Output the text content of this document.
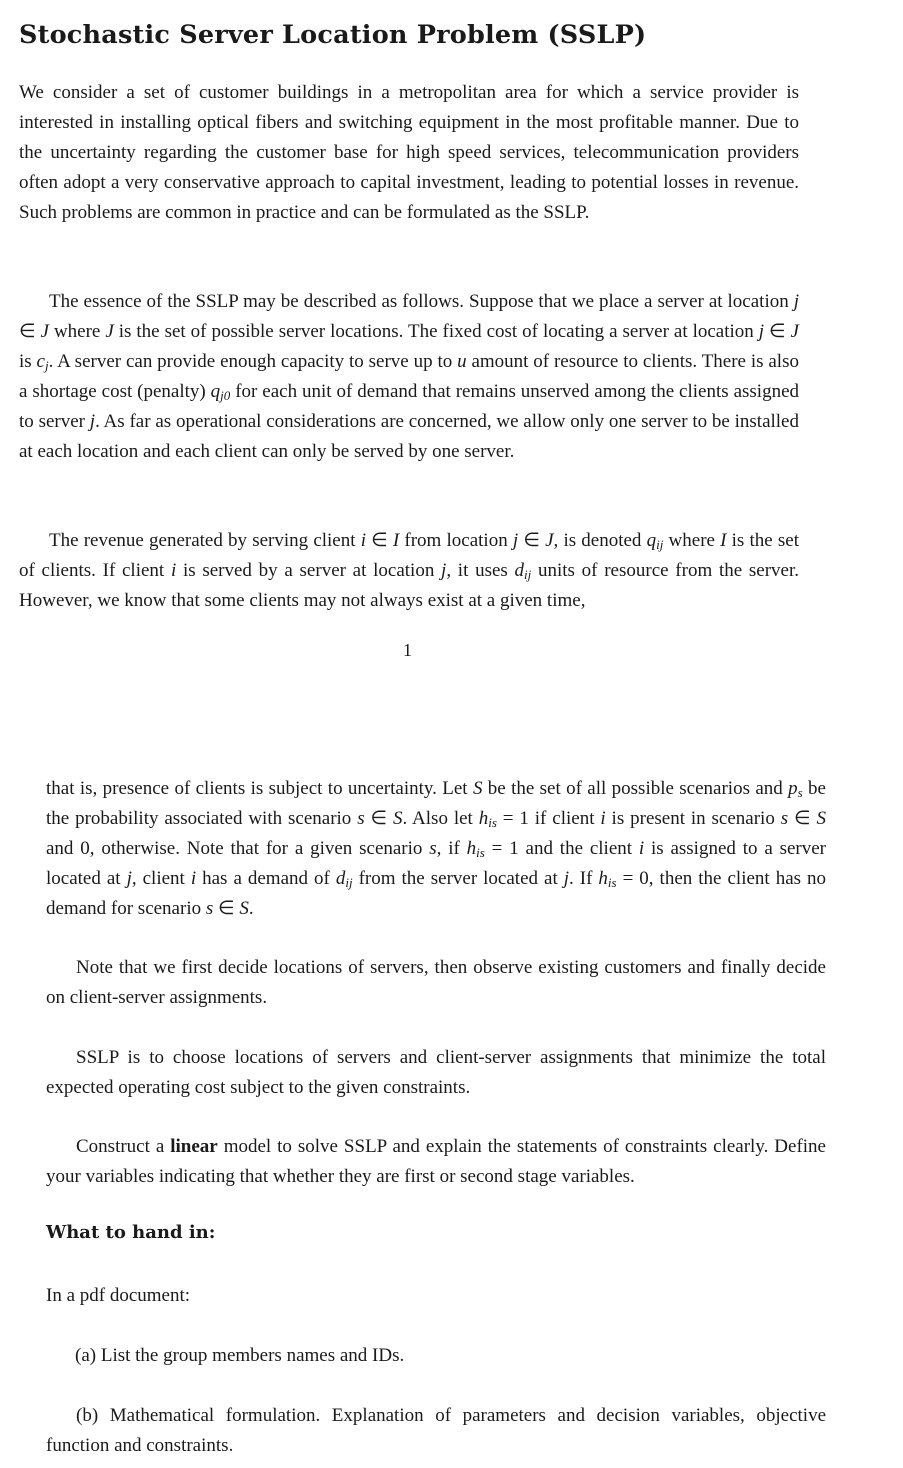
Stochastic Server Location Problem (SSLP)

We consider a set of customer buildings in a metropolitan area for which a service provider is interested in installing optical fibers and switching equipment in the most profitable manner. Due to the uncertainty regarding the customer base for high speed services, telecommunication providers often adopt a very conservative approach to capital investment, leading to potential losses in revenue. Such problems are common in practice and can be formulated as the SSLP.

The essence of the SSLP may be described as follows. Suppose that we place a server at location j ∈ J where J is the set of possible server locations. The fixed cost of locating a server at location j ∈ J is $c_j$. A server can provide enough capacity to serve up to u amount of resource to clients. There is also a shortage cost (penalty) $q_{j0}$ for each unit of demand that remains unserved among the clients assigned to server j. As far as operational considerations are concerned, we allow only one server to be installed at each location and each client can only be served by one server.

The revenue generated by serving client i ∈ I from location j ∈ J, is denoted $q_{ij}$ where I is the set of clients. If client i is served by a server at location j, it uses $d_{ij}$ units of resource from the server. However, we know that some clients may not always exist at a given time,

1

that is, presence of clients is subject to uncertainty. Let S be the set of all possible scenarios and $p_s$ be the probability associated with scenario s ∈ S. Also let $h_{is} = 1$ if client i is present in scenario s ∈ S and 0, otherwise. Note that for a given scenario s, if $h_{is} = 1$ and the client i is assigned to a server located at j, client i has a demand of $d_{ij}$ from the server located at j. If $h_{is} = 0$, then the client has no demand for scenario s ∈ S.

Note that we first decide locations of servers, then observe existing customers and finally decide on client-server assignments.

SSLP is to choose locations of servers and client-server assignments that minimize the total expected operating cost subject to the given constraints.

Construct a linear model to solve SSLP and explain the statements of constraints clearly. Define your variables indicating that whether they are first or second stage variables.

What to hand in:

In a pdf document:

(a) List the group members names and IDs.

(b) Mathematical formulation. Explanation of parameters and decision variables, objective function and constraints.
